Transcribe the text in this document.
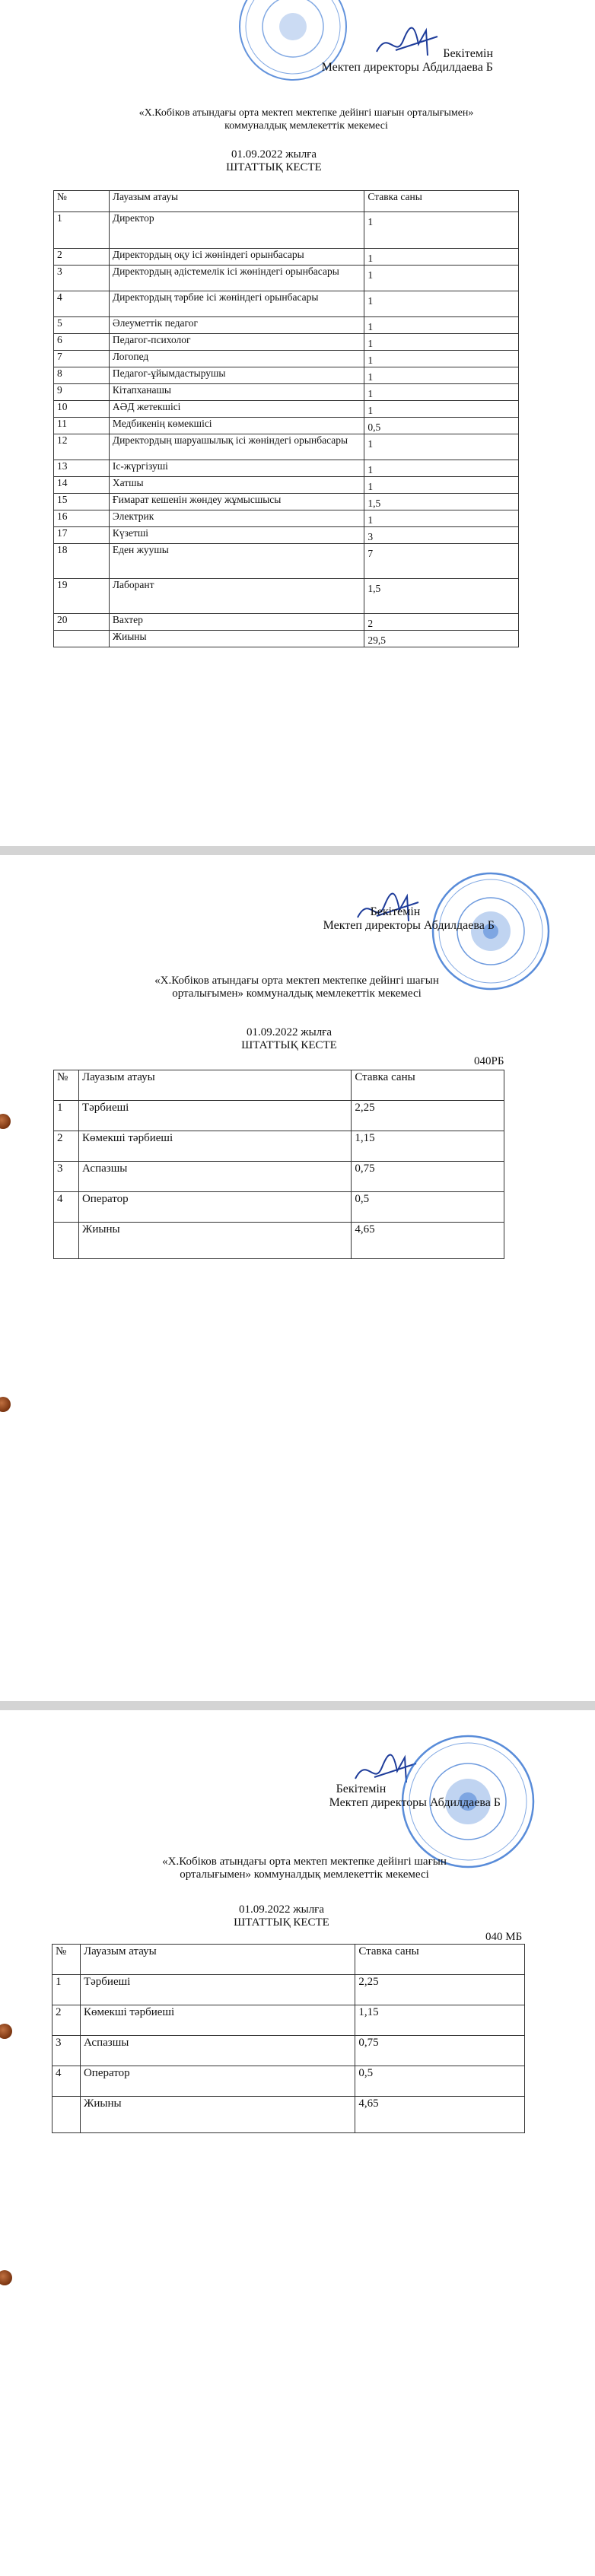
Бекітемін
Мектеп директоры Абдилдаева Б
«Х.Кобіков атындағы орта мектеп мектепке дейінгі шағын орталығымен»
коммуналдық мемлекеттік мекемесі
01.09.2022 жылға
ШТАТТЫҚ КЕСТЕ
№	Лауазым атауы	Ставка саны
1	Директор	1
2	Директордың оқу ісі жөніндегі орынбасары	1
3	Директордың әдістемелік ісі жөніндегі орынбасары	1
4	Директордың тәрбие ісі жөніндегі орынбасары	1
5	Әлеуметтік педагог	1
6	Педагог-психолог	1
7	Логопед	1
8	Педагог-ұйымдастырушы	1
9	Кітапханашы	1
10	АӘД жетекшісі	1
11	Медбикенің көмекшісі	0,5
12	Директордың шаруашылық ісі жөніндегі орынбасары	1
13	Іс-жүргізуші	1
14	Хатшы	1
15	Ғимарат кешенін жөндеу жұмысшысы	1,5
16	Электрик	1
17	Күзетші	3
18	Еден жуушы	7
19	Лаборант	1,5
20	Вахтер	2
	Жиыны	29,5
Бекітемін
Мектеп директоры Абдилдаева Б
«Х.Кобіков атындағы орта мектеп мектепке дейінгі шағын
орталығымен» коммуналдық мемлекеттік мекемесі
01.09.2022 жылға
ШТАТТЫҚ КЕСТЕ
040РБ
№	Лауазым атауы	Ставка саны
1	Тәрбиеші	2,25
2	Көмекші тәрбиеші	1,15
3	Аспазшы	0,75
4	Оператор	0,5
	Жиыны	4,65
Бекітемін
Мектеп директоры Абдилдаева Б
«Х.Кобіков атындағы орта мектеп мектепке дейінгі шағын
орталығымен» коммуналдық мемлекеттік мекемесі
01.09.2022 жылға
ШТАТТЫҚ КЕСТЕ
040 МБ
№	Лауазым атауы	Ставка саны
1	Тәрбиеші	2,25
2	Көмекші тәрбиеші	1,15
3	Аспазшы	0,75
4	Оператор	0,5
	Жиыны	4,65
